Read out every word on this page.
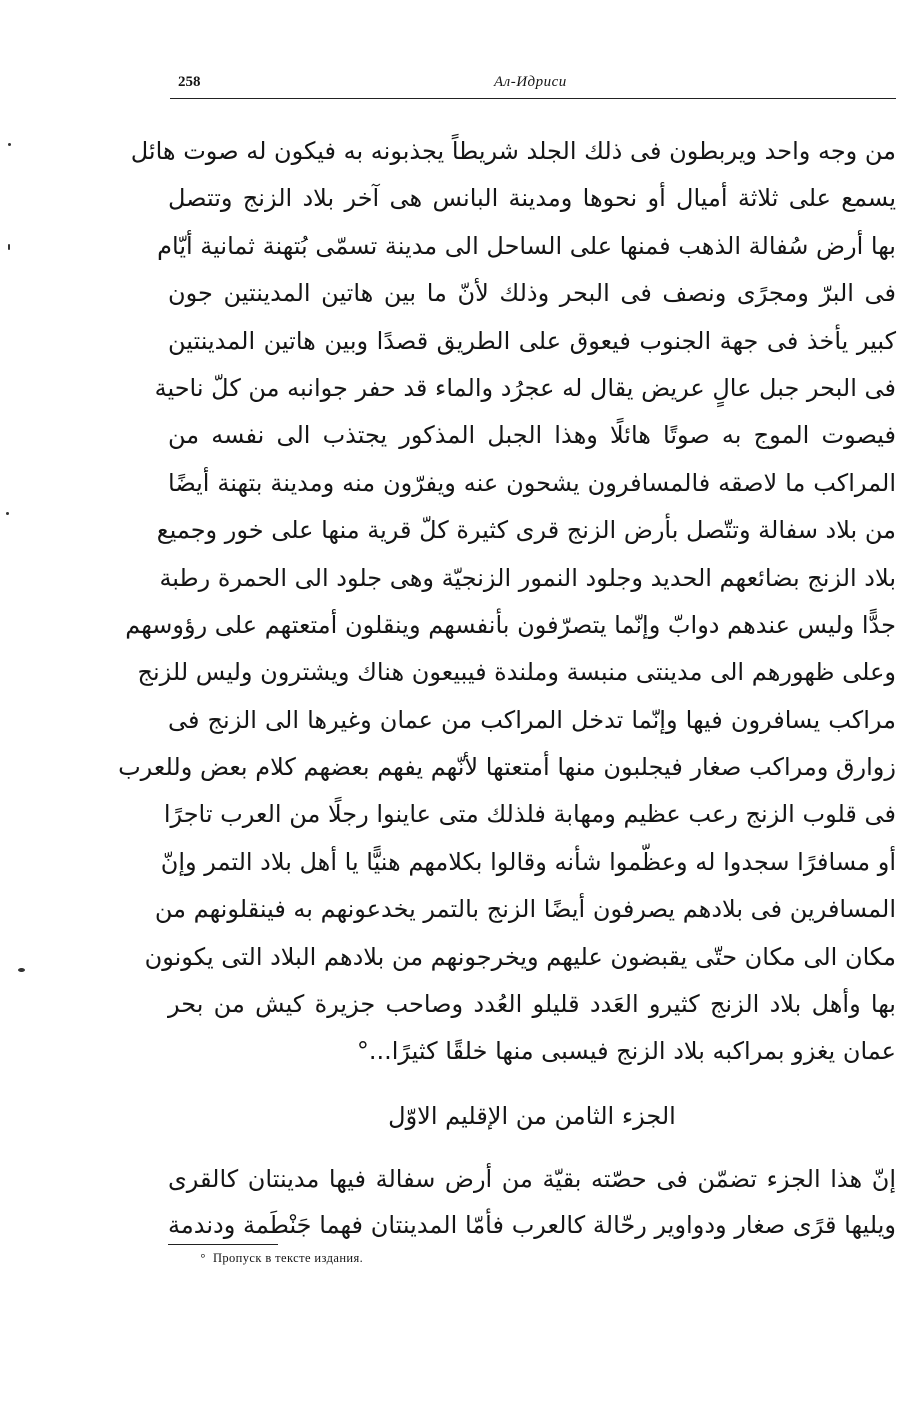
258	Ал-Идриси
من وجه واحد ويربطون فى ذلك الجلد شريطاً يجذبونه به فيكون له صوت هائل
يسمع على ثلاثة أميال أو نحوها ومدينة البانس هى آخر بلاد الزنج وتتصل
بها أرض سُفالة الذهب فمنها على الساحل الى مدينة تسمّى بُتهنة ثمانية أيّام
فى البرّ ومجرًى ونصف فى البحر وذلك لأنّ ما بين هاتين المدينتين جون
كبير يأخذ فى جهة الجنوب فيعوق على الطريق قصدًا وبين هاتين المدينتين
فى البحر جبل عالٍ عريض يقال له عجرُد والماء قد حفر جوانبه من كلّ ناحية
فيصوت الموج به صوتًا هائلًا وهذا الجبل المذكور يجتذب الى نفسه من
المراكب ما لاصقه فالمسافرون يشحون عنه ويفرّون منه ومدينة بتهنة أيضًا
من بلاد سفالة وتتّصل بأرض الزنج قرى كثيرة كلّ قرية منها على خور وجميع
بلاد الزنج بضائعهم الحديد وجلود النمور الزنجيّة وهى جلود الى الحمرة رطبة
جدًّا وليس عندهم دوابّ وإنّما يتصرّفون بأنفسهم وينقلون أمتعتهم على رؤوسهم
وعلى ظهورهم الى مدينتى منبسة وملندة فيبيعون هناك ويشترون وليس للزنج
مراكب يسافرون فيها وإنّما تدخل المراكب من عمان وغيرها الى الزنج فى
زوارق ومراكب صغار فيجلبون منها أمتعتها لأنّهم يفهم بعضهم كلام بعض وللعرب
فى قلوب الزنج رعب عظيم ومهابة فلذلك متى عاينوا رجلًا من العرب تاجرًا
أو مسافرًا سجدوا له وعظّموا شأنه وقالوا بكلامهم هنيًّا يا أهل بلاد التمر وإنّ
المسافرين فى بلادهم يصرفون أيضًا الزنج بالتمر يخدعونهم به فينقلونهم من
مكان الى مكان حتّى يقبضون عليهم ويخرجونهم من بلادهم البلاد التى يكونون
بها وأهل بلاد الزنج كثيرو العَدد قليلو العُدد وصاحب جزيرة كيش من بحر
عمان يغزو بمراكبه بلاد الزنج فيسبى منها خلقًا كثيرًا...°
الجزء الثامن من الإقليم الاوّل
إنّ هذا الجزء تضمّن فى حصّته بقيّة من أرض سفالة فيها مدينتان كالقرى
ويليها قرًى صغار ودواوير رحّالة كالعرب فأمّا المدينتان فهما جَنْطَمة ودندمة
° Пропуск в тексте издания.
